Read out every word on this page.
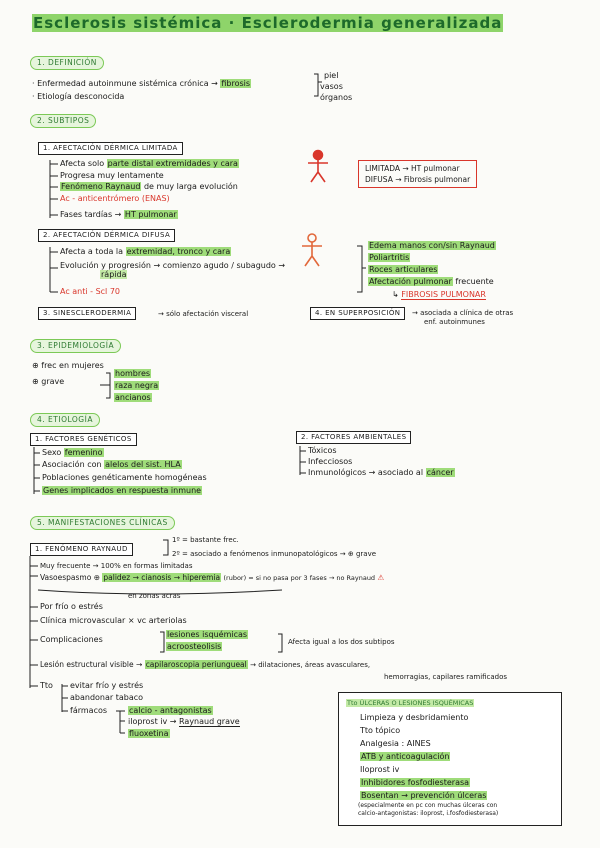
Esclerosis sistémica · Esclerodermia generalizada
1. DEFINICIÓN
· Enfermedad autoinmune sistémica crónica → fibrosis
piel
vasos
órganos
· Etiología desconocida
2. SUBTIPOS
1. AFECTACIÓN DÉRMICA LIMITADA
Afecta solo parte distal extremidades y cara
Progresa muy lentamente
Fenómeno Raynaud de muy larga evolución
Ac - anticentrómero (ENAS)
Fases tardías → HT pulmonar
LIMITADA → HT pulmonar
DIFUSA → Fibrosis pulmonar
2. AFECTACIÓN DÉRMICA DIFUSA
Afecta a toda la extremidad, tronco y cara
Evolución y progresión → comienzo agudo / subagudo →
rápida
Ac anti - Scl 70
Edema manos con/sin Raynaud
Poliartritis
Roces articulares
Afectación pulmonar frecuente
↳ FIBROSIS PULMONAR
3. SINESCLERODERMIA	→ sólo afectación visceral	4. EN SUPERPOSICIÓN	→ asociada a clínica de otras
enf. autoinmunes
3. EPIDEMIOLOGÍA
⊕ frec en mujeres
⊕ grave
hombres
raza negra
ancianos
4. ETIOLOGÍA
1. FACTORES GENÉTICOS
Sexo femenino
Asociación con alelos del sist. HLA
Poblaciones genéticamente homogéneas
Genes implicados en respuesta inmune
2. FACTORES AMBIENTALES
Tóxicos
Infecciosos
Inmunológicos → asociado al cáncer
5. MANIFESTACIONES CLÍNICAS
1. FENÓMENO RAYNAUD
1º = bastante frec.
2º = asociado a fenómenos inmunopatológicos → ⊕ grave
Muy frecuente → 100% en formas limitadas
Vasoespasmo ⊕ palidez → cianosis → hiperemia (rubor) = si no pasa por 3 fases → no Raynaud ⚠
en zonas acras
Por frío o estrés
Clínica microvascular × vc arteriolas
Complicaciones
lesiones isquémicas
acroosteolisis	Afecta igual a los dos subtipos
Lesión estructural visible → capilaroscopia periungueal → dilataciones, áreas avasculares,
hemorragias, capilares ramificados
Tto evitar frío y estrés
abandonar tabaco
fármacos	calcio - antagonistas
iloprost iv → Raynaud grave
fluoxetina
Tto ÚLCERAS O LESIONES ISQUÉMICAS
Limpieza y desbridamiento
Tto tópico
Analgesia : AINES
ATB y anticoagulación
Iloprost iv
Inhibidores fosfodiesterasa
Bosentan → prevención úlceras
(especialmente en pc con muchas úlceras con
calcio-antagonistas: iloprost, i.fosfodiesterasa)
